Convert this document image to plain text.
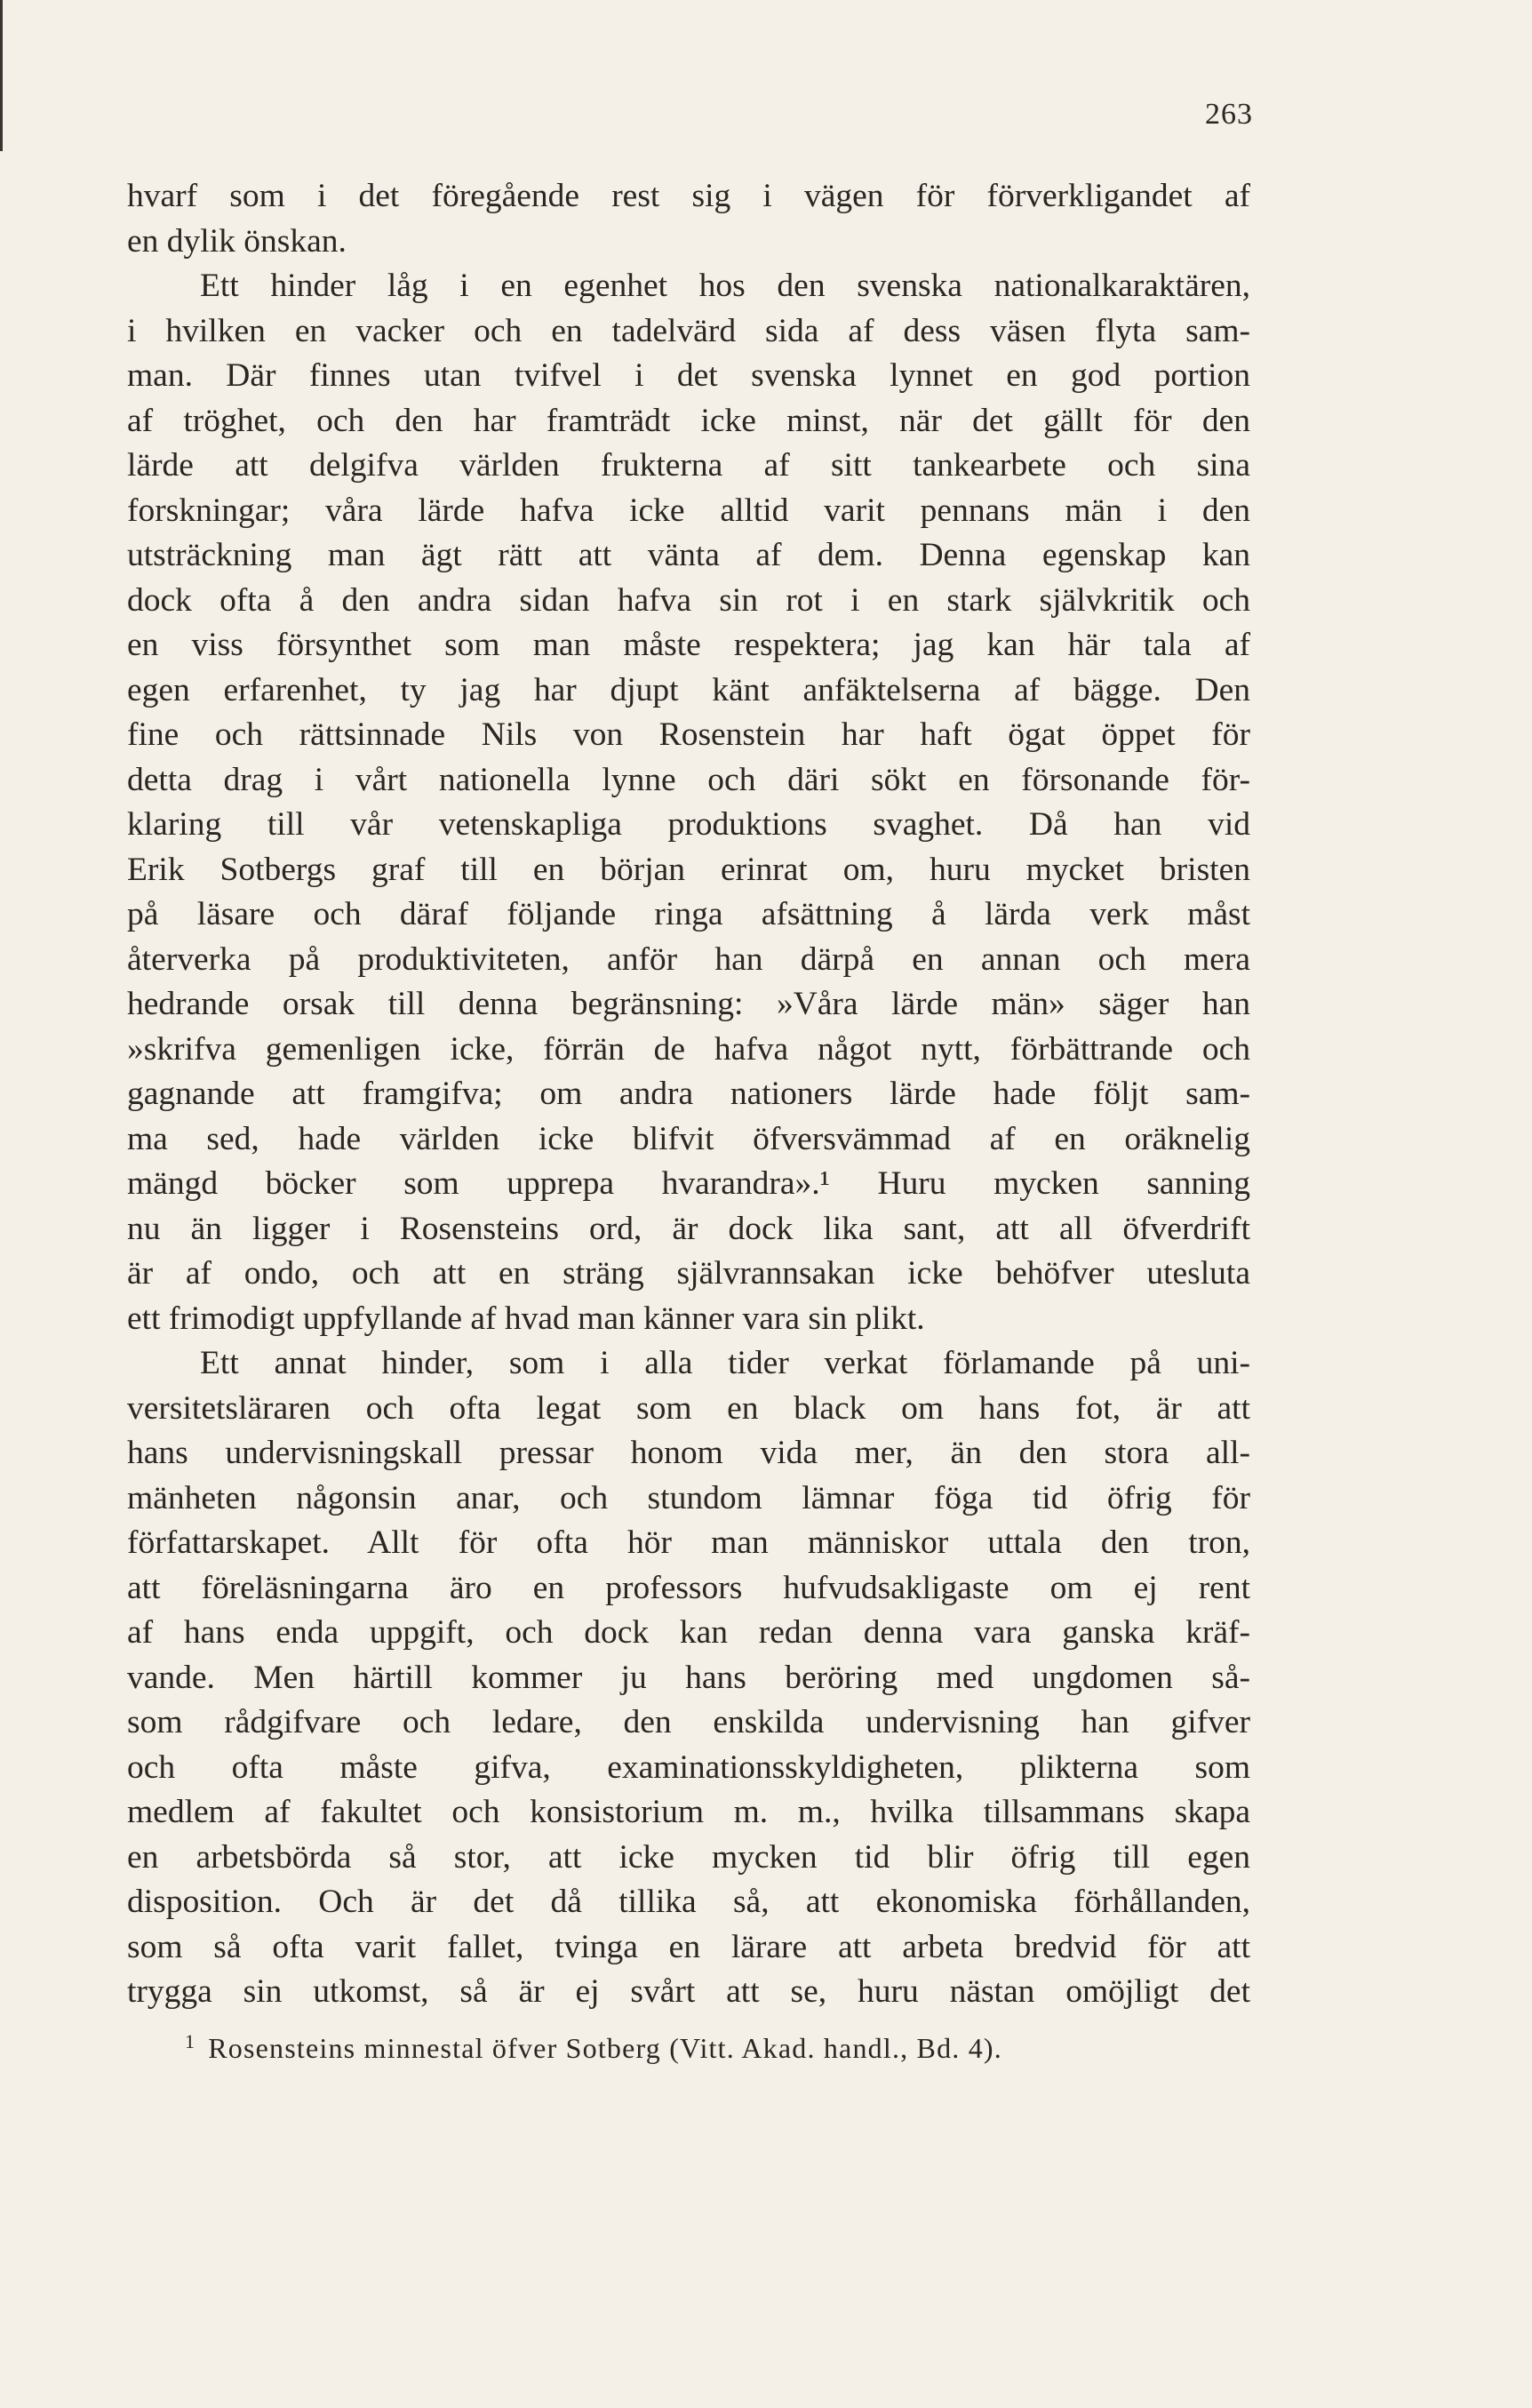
263
hvarf som i det föregående rest sig i vägen för förverkligandet af
en dylik önskan.
Ett hinder låg i en egenhet hos den svenska nationalkaraktären,
i hvilken en vacker och en tadelvärd sida af dess väsen flyta sam-
man. Där finnes utan tvifvel i det svenska lynnet en god portion
af tröghet, och den har framträdt icke minst, när det gällt för den
lärde att delgifva världen frukterna af sitt tankearbete och sina
forskningar; våra lärde hafva icke alltid varit pennans män i den
utsträckning man ägt rätt att vänta af dem. Denna egenskap kan
dock ofta å den andra sidan hafva sin rot i en stark självkritik och
en viss försynthet som man måste respektera; jag kan här tala af
egen erfarenhet, ty jag har djupt känt anfäktelserna af bägge. Den
fine och rättsinnade Nils von Rosenstein har haft ögat öppet för
detta drag i vårt nationella lynne och däri sökt en försonande för-
klaring till vår vetenskapliga produktions svaghet. Då han vid
Erik Sotbergs graf till en början erinrat om, huru mycket bristen
på läsare och däraf följande ringa afsättning å lärda verk måst
återverka på produktiviteten, anför han därpå en annan och mera
hedrande orsak till denna begränsning: »Våra lärde män» säger han
»skrifva gemenligen icke, förrän de hafva något nytt, förbättrande och
gagnande att framgifva; om andra nationers lärde hade följt sam-
ma sed, hade världen icke blifvit öfversvämmad af en oräknelig
mängd böcker som upprepa hvarandra».¹ Huru mycken sanning
nu än ligger i Rosensteins ord, är dock lika sant, att all öfverdrift
är af ondo, och att en sträng självrannsakan icke behöfver utesluta
ett frimodigt uppfyllande af hvad man känner vara sin plikt.
Ett annat hinder, som i alla tider verkat förlamande på uni-
versitetsläraren och ofta legat som en black om hans fot, är att
hans undervisningskall pressar honom vida mer, än den stora all-
mänheten någonsin anar, och stundom lämnar föga tid öfrig för
författarskapet. Allt för ofta hör man människor uttala den tron,
att föreläsningarna äro en professors hufvudsakligaste om ej rent
af hans enda uppgift, och dock kan redan denna vara ganska kräf-
vande. Men härtill kommer ju hans beröring med ungdomen så-
som rådgifvare och ledare, den enskilda undervisning han gifver
och ofta måste gifva, examinationsskyldigheten, plikterna som
medlem af fakultet och konsistorium m. m., hvilka tillsammans skapa
en arbetsbörda så stor, att icke mycken tid blir öfrig till egen
disposition. Och är det då tillika så, att ekonomiska förhållanden,
som så ofta varit fallet, tvinga en lärare att arbeta bredvid för att
trygga sin utkomst, så är ej svårt att se, huru nästan omöjligt det
1 Rosensteins minnestal öfver Sotberg (Vitt. Akad. handl., Bd. 4).
